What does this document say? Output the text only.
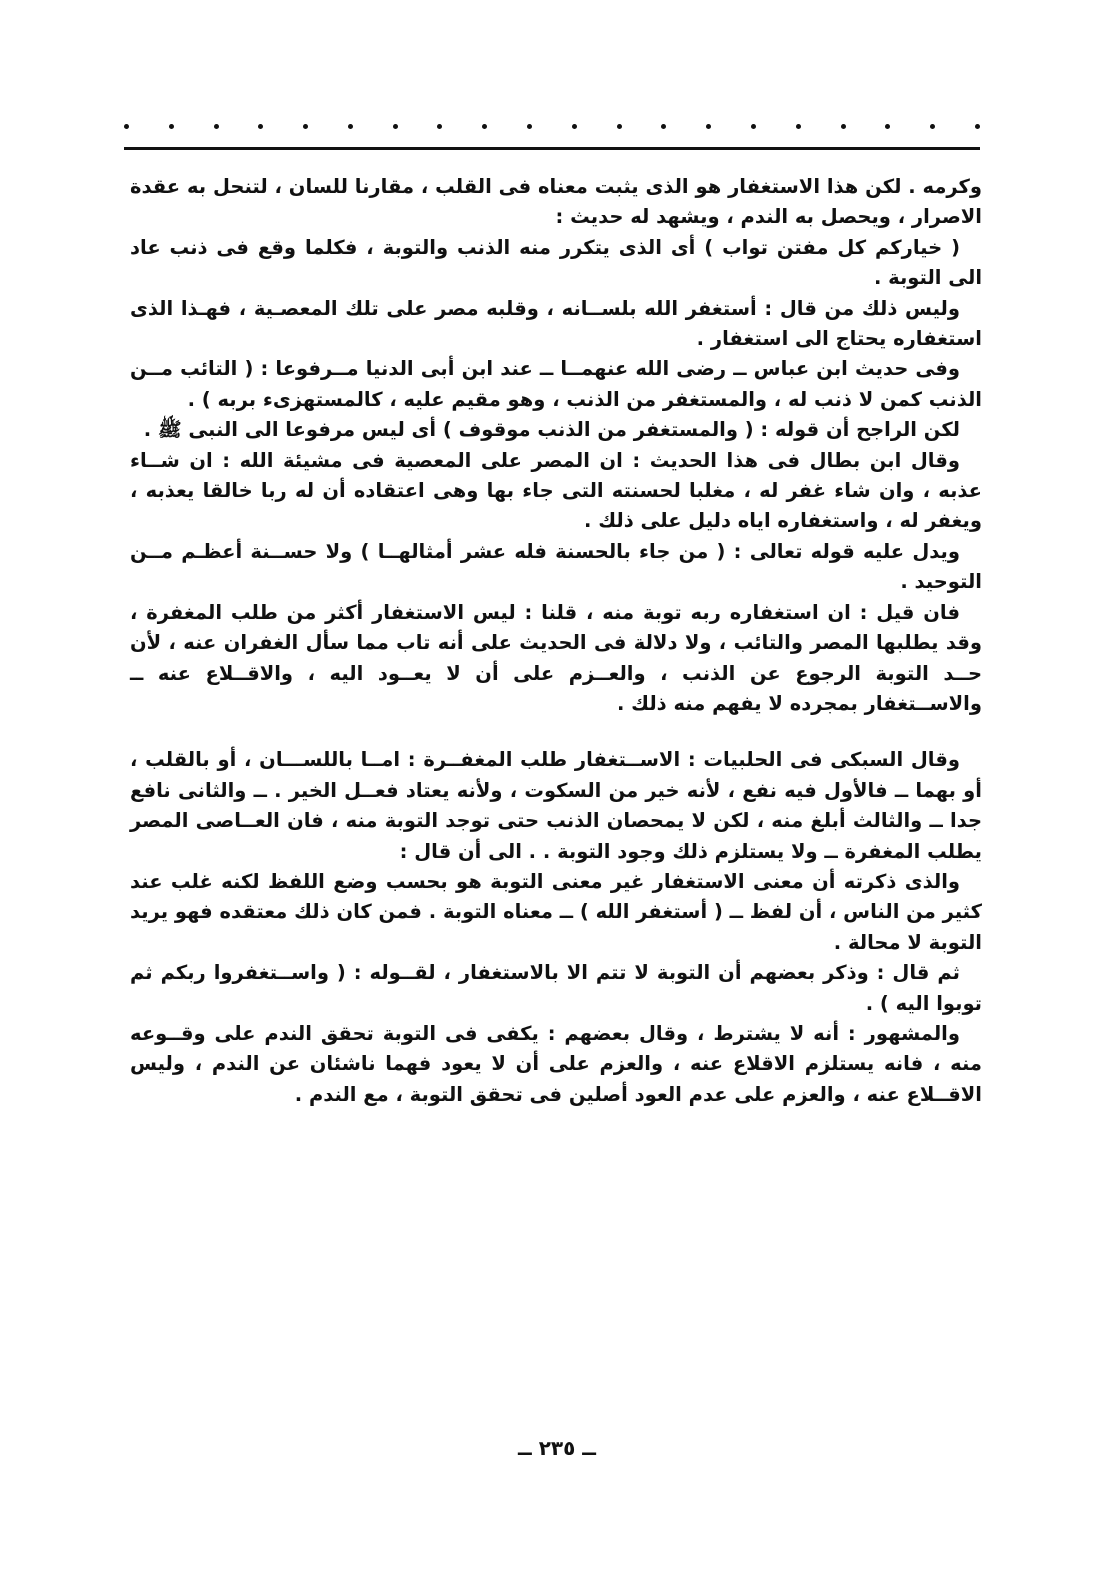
وكرمه . لكن هذا الاستغفار هو الذى يثبت معناه فى القلب ، مقارنا للسان ، لتنحل به عقدة الاصرار ، ويحصل به الندم ، ويشهد له حديث :

( خياركم كل مفتن تواب ) أى الذى يتكرر منه الذنب والتوبة ، فكلما وقع فى ذنب عاد الى التوبة .

وليس ذلك من قال : أستغفر الله بلســانه ، وقلبه مصر على تلك المعصـية ، فهـذا الذى استغفاره يحتاج الى استغفار .

وفى حديث ابن عباس ــ رضى الله عنهمــا ــ عند ابن أبى الدنيا مــرفوعا : ( التائب مــن الذنب كمن لا ذنب له ، والمستغفر من الذنب ، وهو مقيم عليه ، كالمستهزىء بربه ) .

لكن الراجح أن قوله : ( والمستغفر من الذنب موقوف ) أى ليس مرفوعا الى النبى ﷺ .

وقال ابن بطال فى هذا الحديث : ان المصر على المعصية فى مشيئة الله : ان شــاء عذبه ، وان شاء غفر له ، مغلبا لحسنته التى جاء بها وهى اعتقاده أن له ربا خالقا يعذبه ، ويغفر له ، واستغفاره اياه دليل على ذلك .

ويدل عليه قوله تعالى : ( من جاء بالحسنة فله عشر أمثالهــا ) ولا حســنة أعظـم مــن التوحيد .

فان قيل : ان استغفاره ربه توبة منه ، قلنا : ليس الاستغفار أكثر من طلب المغفرة ، وقد يطلبها المصر والتائب ، ولا دلالة فى الحديث على أنه تاب مما سأل الغفران عنه ، لأن حــد التوبة الرجوع عن الذنب ، والعــزم على أن لا يعــود اليه ، والاقــلاع عنه ــ والاســتغفار بمجرده لا يفهم منه ذلك .

وقال السبكى فى الحلبيات : الاســتغفار طلب المغفــرة : امــا باللســـان ، أو بالقلب ، أو بهما ــ فالأول فيه نفع ، لأنه خير من السكوت ، ولأنه يعتاد فعــل الخير . ــ والثانى نافع جدا ــ والثالث أبلغ منه ، لكن لا يمحصان الذنب حتى توجد التوبة منه ، فان العــاصى المصر يطلب المغفرة ــ ولا يستلزم ذلك وجود التوبة . . الى أن قال :

والذى ذكرته أن معنى الاستغفار غير معنى التوبة هو بحسب وضع اللفظ لكنه غلب عند كثير من الناس ، أن لفظ ــ ( أستغفر الله ) ــ معناه التوبة . فمن كان ذلك معتقده فهو يريد التوبة لا محالة .

ثم قال : وذكر بعضهم أن التوبة لا تتم الا بالاستغفار ، لقــوله : ( واســتغفروا ربكم ثم توبوا اليه ) .

والمشهور : أنه لا يشترط ، وقال بعضهم : يكفى فى التوبة تحقق الندم على وقــوعه منه ، فانه يستلزم الاقلاع عنه ، والعزم على أن لا يعود فهما ناشئان عن الندم ، وليس الاقــلاع عنه ، والعزم على عدم العود أصلين فى تحقق التوبة ، مع الندم .

ــ ٢٣٥ ــ
